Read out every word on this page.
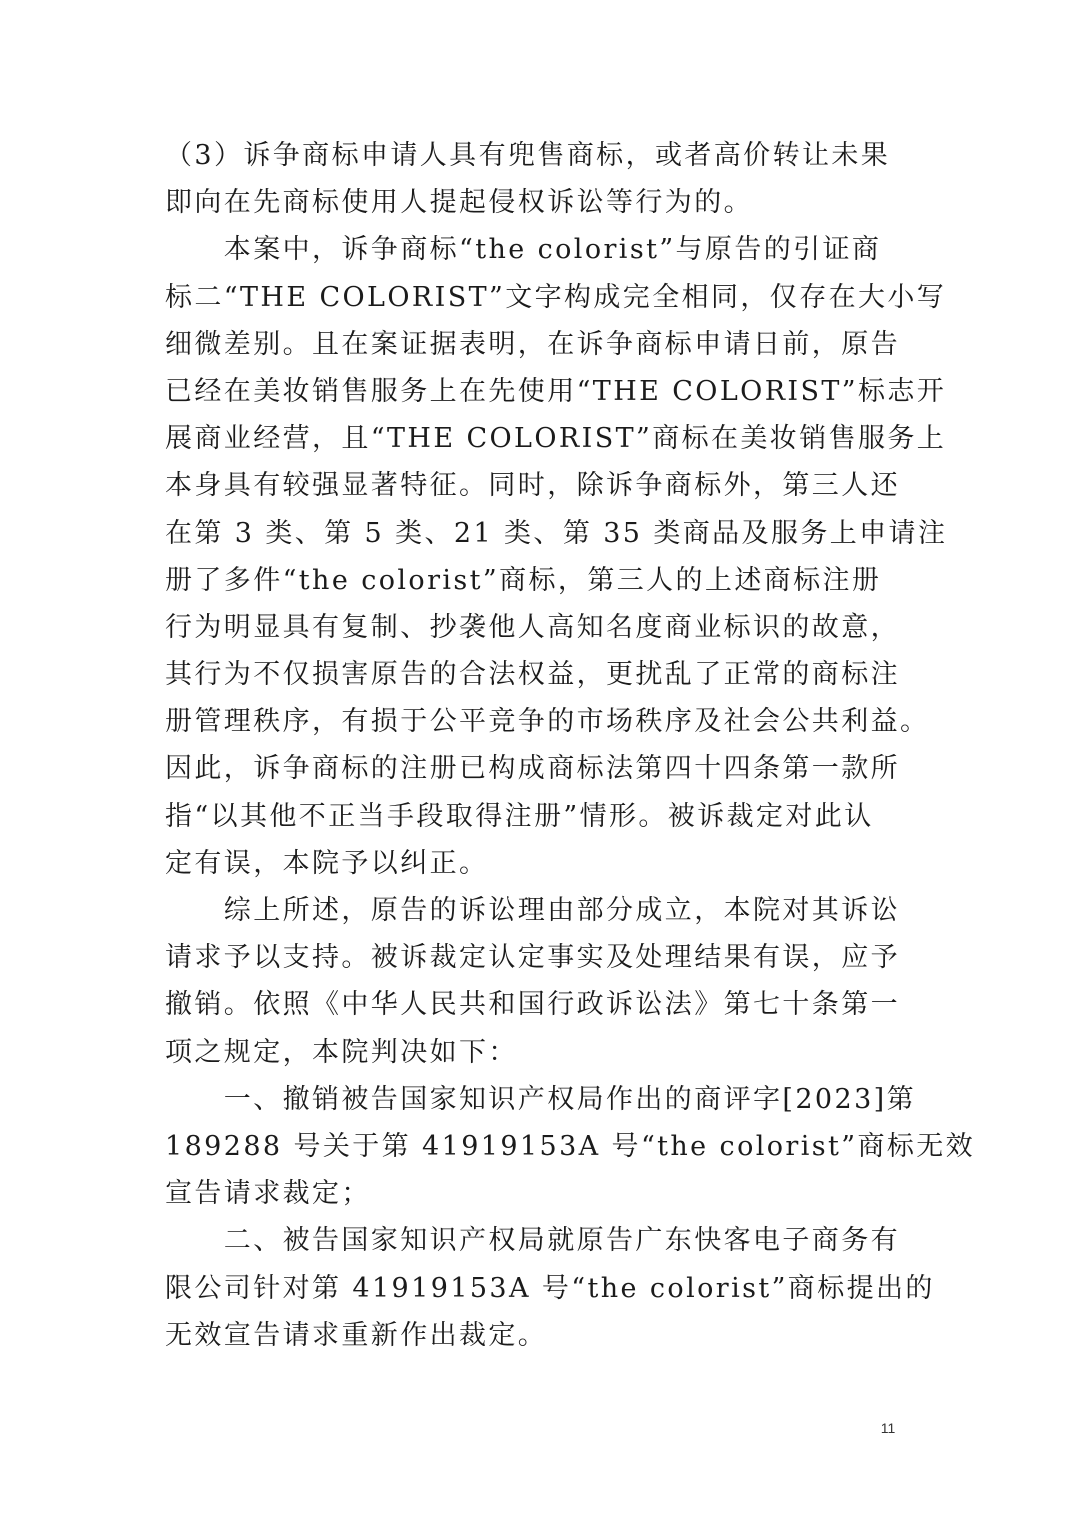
（3）诉争商标申请人具有兜售商标，或者高价转让未果
即向在先商标使用人提起侵权诉讼等行为的。
　　本案中，诉争商标“the colorist”与原告的引证商
标二“THE COLORIST”文字构成完全相同，仅存在大小写
细微差别。且在案证据表明，在诉争商标申请日前，原告
已经在美妆销售服务上在先使用“THE COLORIST”标志开
展商业经营，且“THE COLORIST”商标在美妆销售服务上
本身具有较强显著特征。同时，除诉争商标外，第三人还
在第 3 类、第 5 类、21 类、第 35 类商品及服务上申请注
册了多件“the colorist”商标，第三人的上述商标注册
行为明显具有复制、抄袭他人高知名度商业标识的故意，
其行为不仅损害原告的合法权益，更扰乱了正常的商标注
册管理秩序，有损于公平竞争的市场秩序及社会公共利益。
因此，诉争商标的注册已构成商标法第四十四条第一款所
指“以其他不正当手段取得注册”情形。被诉裁定对此认
定有误，本院予以纠正。
　　综上所述，原告的诉讼理由部分成立，本院对其诉讼
请求予以支持。被诉裁定认定事实及处理结果有误，应予
撤销。依照《中华人民共和国行政诉讼法》第七十条第一
项之规定，本院判决如下：
　　一、撤销被告国家知识产权局作出的商评字[2023]第
189288 号关于第 41919153A 号“the colorist”商标无效
宣告请求裁定；
　　二、被告国家知识产权局就原告广东快客电子商务有
限公司针对第 41919153A 号“the colorist”商标提出的
无效宣告请求重新作出裁定。
11
